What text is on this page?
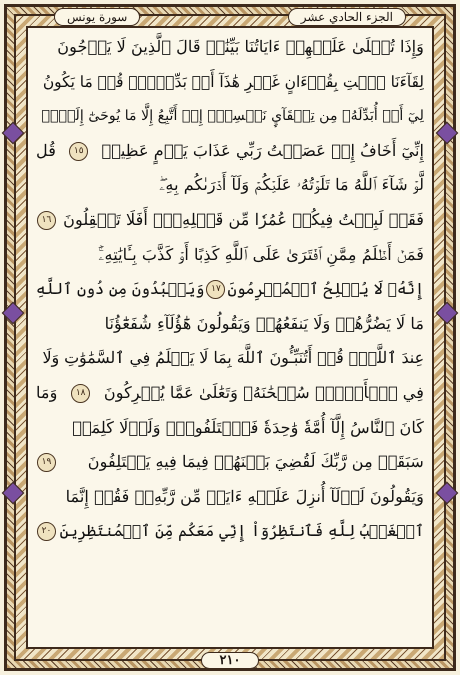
سورة يونس	الجزء الحادي عشر
وَإِذَا تُتۡلَىٰ عَلَيۡهِمۡ ءَايَاتُنَا بَيِّنَٰتٖ قَالَ ٱلَّذِينَ لَا يَرۡجُونَ
لِقَآءَنَا ٱئۡتِ بِقُرۡءَانٍ غَيۡرِ هَٰذَآ أَوۡ بَدِّلۡهُۚ قُلۡ مَا يَكُونُ
لِيٓ أَنۡ أُبَدِّلَهُۥ مِن تِلۡقَآيِٕ نَفۡسِيٓۖ إِنۡ أَتَّبِعُ إِلَّا مَا يُوحَىٰٓ إِلَيَّۖ
إِنِّيٓ أَخَافُ إِنۡ عَصَيۡتُ رَبِّي عَذَابَ يَوۡمٍ عَظِيمٖ
١٥
قُل
لَّوۡ شَآءَ ٱللَّهُ مَا تَلَوۡتُهُۥ عَلَيۡكُمۡ وَلَآ أَدۡرَىٰكُم بِهِۦۖ
فَقَدۡ لَبِثۡتُ فِيكُمۡ عُمُرٗا مِّن قَبۡلِهِۦٓۚ أَفَلَا تَعۡقِلُونَ
١٦
فَمَنۡ أَظۡلَمُ مِمَّنِ ٱفۡتَرَىٰ عَلَى ٱللَّهِ كَذِبًا أَوۡ كَذَّبَ بِـَٔايَٰتِهِۦٓۚ
إِنَّهُۥ لَا يُفۡلِحُ ٱلۡمُجۡرِمُونَ
١٧
وَيَعۡبُدُونَ مِن دُونِ ٱللَّهِ
مَا لَا يَضُرُّهُمۡ وَلَا يَنفَعُهُمۡ وَيَقُولُونَ هَٰٓؤُلَآءِ شُفَعَٰٓؤُنَا
عِندَ ٱللَّهِۚ قُلۡ أَتُنَبِّـُٔونَ ٱللَّهَ بِمَا لَا يَعۡلَمُ فِي ٱلسَّمَٰوَٰتِ وَلَا
فِي ٱلۡأَرۡضِۚ سُبۡحَٰنَهُۥ وَتَعَٰلَىٰ عَمَّا يُشۡرِكُونَ
١٨
وَمَا
كَانَ ٱلنَّاسُ إِلَّآ أُمَّةٗ وَٰحِدَةٗ فَٱخۡتَلَفُواْۚ وَلَوۡلَا كَلِمَةٞ
سَبَقَتۡ مِن رَّبِّكَ لَقُضِيَ بَيۡنَهُمۡ فِيمَا فِيهِ يَخۡتَلِفُونَ
١٩
وَيَقُولُونَ لَوۡلَآ أُنزِلَ عَلَيۡهِ ءَايَةٞ مِّن رَّبِّهِۦۖ فَقُلۡ إِنَّمَا
ٱلۡغَيۡبُ لِلَّهِ فَٱنتَظِرُوٓاْ إِنِّي مَعَكُم مِّنَ ٱلۡمُنتَظِرِينَ
٢٠
٢١٠
